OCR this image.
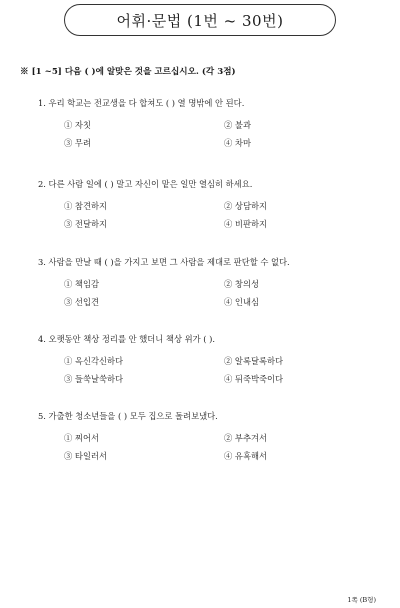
어휘·문법 (1번 ~ 30번)
※ [1 ~5] 다음 ( )에 알맞은 것을 고르십시오. (각 3점)
1. 우리 학교는 전교생을 다 합쳐도 ( ) 열 명밖에 안 된다.
① 자칫	② 불과
③ 무려	④ 차마
2. 다른 사람 일에 ( ) 말고 자신이 맡은 일만 열심히 하세요.
① 참견하지	② 상담하지
③ 전달하지	④ 비판하지
3. 사람을 만날 때 ( )을 가지고 보면 그 사람을 제대로 판단할 수 없다.
① 책임감	② 창의성
③ 선입견	④ 인내심
4. 오랫동안 책상 정리를 안 했더니 책상 위가 ( ).
① 옥신각신하다	② 알록달록하다
③ 들쑥날쑥하다	④ 뒤죽박죽이다
5. 가출한 청소년들을 ( ) 모두 집으로 돌려보냈다.
① 찌어서	② 부추겨서
③ 타일러서	④ 유혹해서
1쪽 (B형)
